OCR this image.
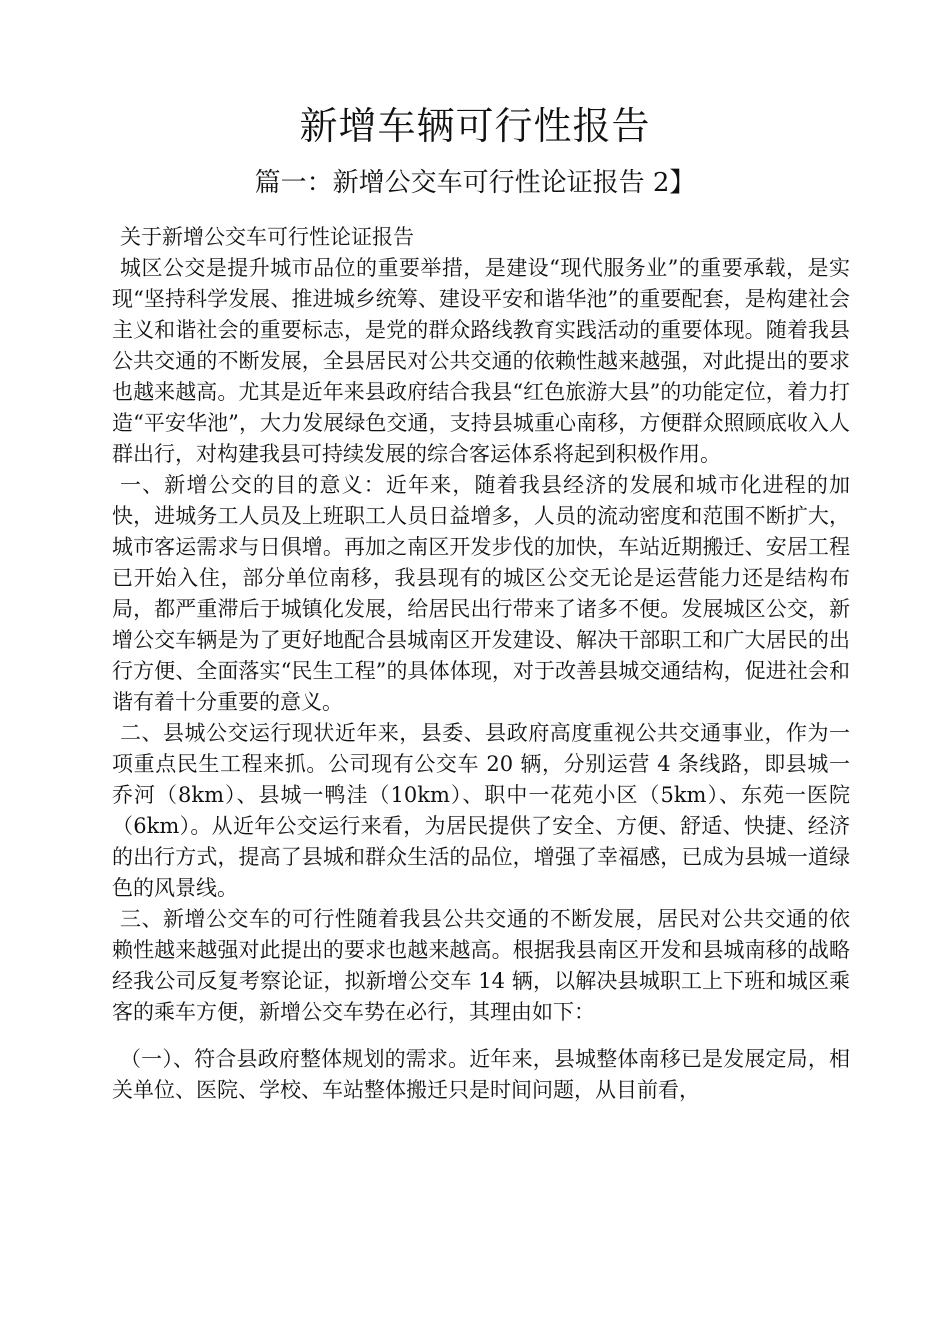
新增车辆可行性报告
篇一：新增公交车可行性论证报告 2】

关于新增公交车可行性论证报告

城区公交是提升城市品位的重要举措，是建设“现代服务业”的重要承载，是实现“坚持科学发展、推进城乡统筹、建设平安和谐华池”的重要配套，是构建社会主义和谐社会的重要标志，是党的群众路线教育实践活动的重要体现。随着我县公共交通的不断发展，全县居民对公共交通的依赖性越来越强，对此提出的要求也越来越高。尤其是近年来县政府结合我县“红色旅游大县”的功能定位，着力打造“平安华池”，大力发展绿色交通，支持县城重心南移，方便群众照顾底收入人群出行，对构建我县可持续发展的综合客运体系将起到积极作用。

一、新增公交的目的意义：近年来，随着我县经济的发展和城市化进程的加快，进城务工人员及上班职工人员日益增多，人员的流动密度和范围不断扩大，城市客运需求与日俱增。再加之南区开发步伐的加快，车站近期搬迁、安居工程已开始入住，部分单位南移，我县现有的城区公交无论是运营能力还是结构布局，都严重滞后于城镇化发展，给居民出行带来了诸多不便。发展城区公交，新增公交车辆是为了更好地配合县城南区开发建设、解决干部职工和广大居民的出行方便、全面落实“民生工程”的具体体现，对于改善县城交通结构，促进社会和谐有着十分重要的意义。

二、县城公交运行现状近年来，县委、县政府高度重视公共交通事业，作为一项重点民生工程来抓。公司现有公交车 20 辆，分别运营 4 条线路，即县城一乔河（8km）、县城一鸭洼（10km）、职中一花苑小区（5km）、东苑一医院（6km）。从近年公交运行来看，为居民提供了安全、方便、舒适、快捷、经济的出行方式，提高了县城和群众生活的品位，增强了幸福感，已成为县城一道绿色的风景线。

三、新增公交车的可行性随着我县公共交通的不断发展，居民对公共交通的依赖性越来越强对此提出的要求也越来越高。根据我县南区开发和县城南移的战略经我公司反复考察论证，拟新增公交车 14 辆，以解决县城职工上下班和城区乘客的乘车方便，新增公交车势在必行，其理由如下：

（一）、符合县政府整体规划的需求。近年来，县城整体南移已是发展定局，相关单位、医院、学校、车站整体搬迁只是时间问题，从目前看，
